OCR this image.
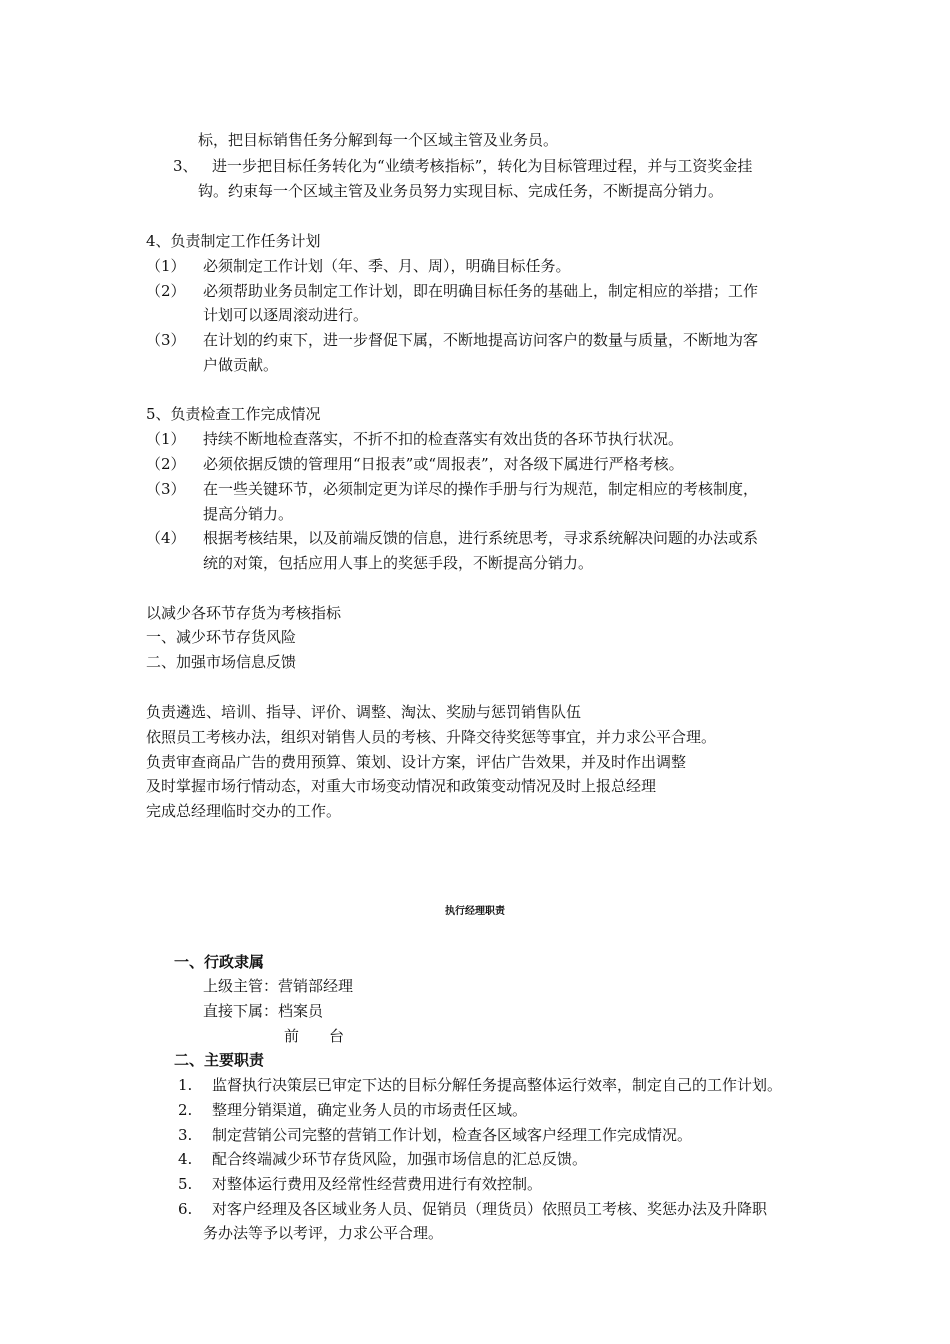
标，把目标销售任务分解到每一个区域主管及业务员。
3、 进一步把目标任务转化为“业绩考核指标”，转化为目标管理过程，并与工资奖金挂
钩。约束每一个区域主管及业务员努力实现目标、完成任务，不断提高分销力。
4、负责制定工作任务计划
（1） 必须制定工作计划（年、季、月、周），明确目标任务。
（2） 必须帮助业务员制定工作计划，即在明确目标任务的基础上，制定相应的举措；工作
计划可以逐周滚动进行。
（3） 在计划的约束下，进一步督促下属，不断地提高访问客户的数量与质量，不断地为客
户做贡献。
5、负责检查工作完成情况
（1） 持续不断地检查落实，不折不扣的检查落实有效出货的各环节执行状况。
（2） 必须依据反馈的管理用“日报表”或“周报表”，对各级下属进行严格考核。
（3） 在一些关键环节，必须制定更为详尽的操作手册与行为规范，制定相应的考核制度，
提高分销力。
（4） 根据考核结果，以及前端反馈的信息，进行系统思考，寻求系统解决问题的办法或系
统的对策，包括应用人事上的奖惩手段，不断提高分销力。
以减少各环节存货为考核指标
一、减少环节存货风险
二、加强市场信息反馈
负责遴选、培训、指导、评价、调整、淘汰、奖励与惩罚销售队伍
依照员工考核办法，组织对销售人员的考核、升降交待奖惩等事宜，并力求公平合理。
负责审查商品广告的费用预算、策划、设计方案，评估广告效果，并及时作出调整
及时掌握市场行情动态，对重大市场变动情况和政策变动情况及时上报总经理
完成总经理临时交办的工作。
执行经理职责
一、行政隶属
上级主管：营销部经理
直接下属：档案员
前　　台
二、主要职责
1. 监督执行决策层已审定下达的目标分解任务提高整体运行效率，制定自己的工作计划。
2. 整理分销渠道，确定业务人员的市场责任区域。
3. 制定营销公司完整的营销工作计划，检查各区域客户经理工作完成情况。
4. 配合终端减少环节存货风险，加强市场信息的汇总反馈。
5. 对整体运行费用及经常性经营费用进行有效控制。
6. 对客户经理及各区域业务人员、促销员（理货员）依照员工考核、奖惩办法及升降职
务办法等予以考评，力求公平合理。
